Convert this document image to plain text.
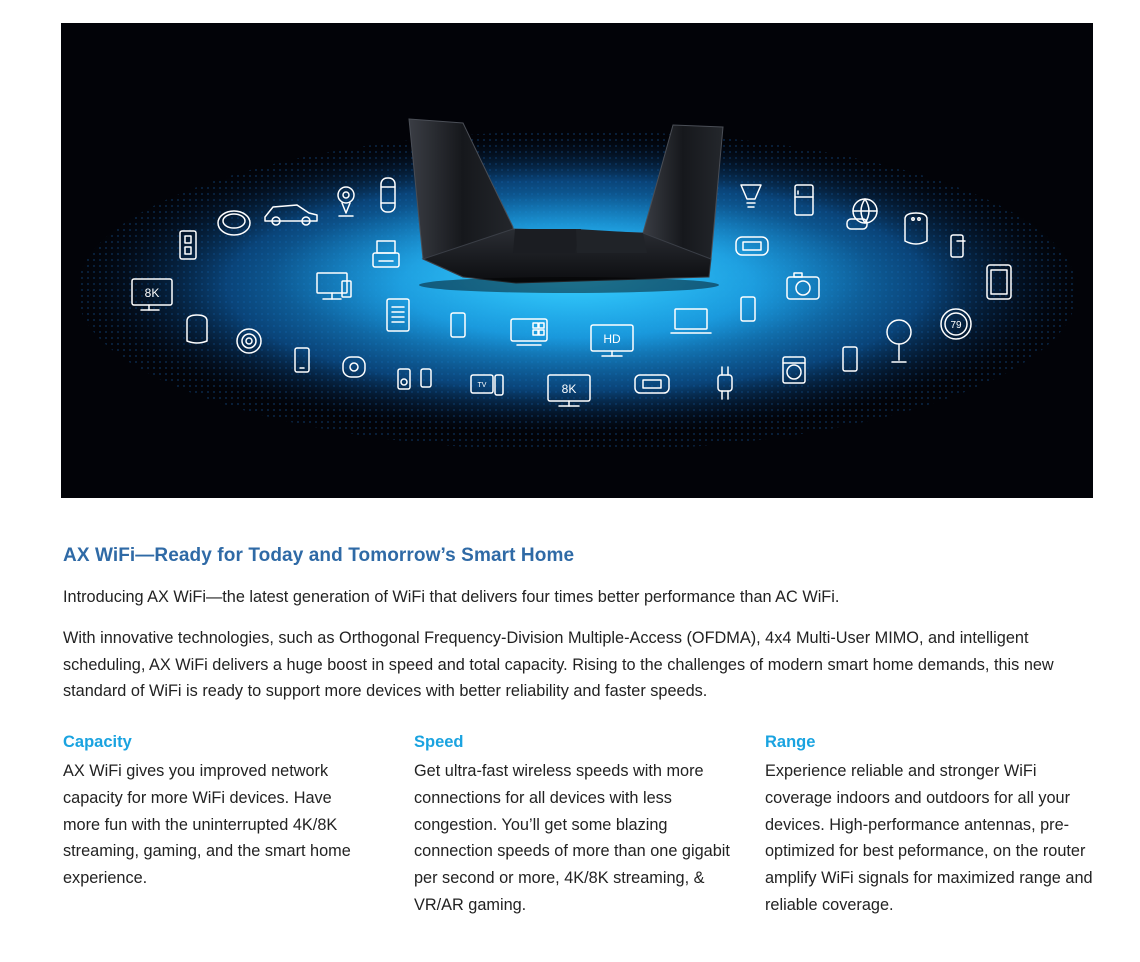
8K
8K
HD
79
TV
AX WiFi—Ready for Today and Tomorrow’s Smart Home

Introducing AX WiFi—the latest generation of WiFi that delivers four times better performance than AC WiFi.

With innovative technologies, such as Orthogonal Frequency-Division Multiple-Access (OFDMA), 4x4 Multi-User MIMO, and intelligent scheduling, AX WiFi delivers a huge boost in speed and total capacity. Rising to the challenges of modern smart home demands, this new standard of WiFi is ready to support more devices with better reliability and faster speeds.

Capacity

AX WiFi gives you improved network capacity for more WiFi devices. Have more fun with the uninterrupted 4K/8K streaming, gaming, and the smart home experience.

Speed

Get ultra-fast wireless speeds with more connections for all devices with less congestion. You’ll get some blazing connection speeds of more than one gigabit per second or more, 4K/8K streaming, & VR/AR gaming.

Range

Experience reliable and stronger WiFi coverage indoors and outdoors for all your devices. High-performance antennas, pre-optimized for best peformance, on the router amplify WiFi signals for maximized range and reliable coverage.
